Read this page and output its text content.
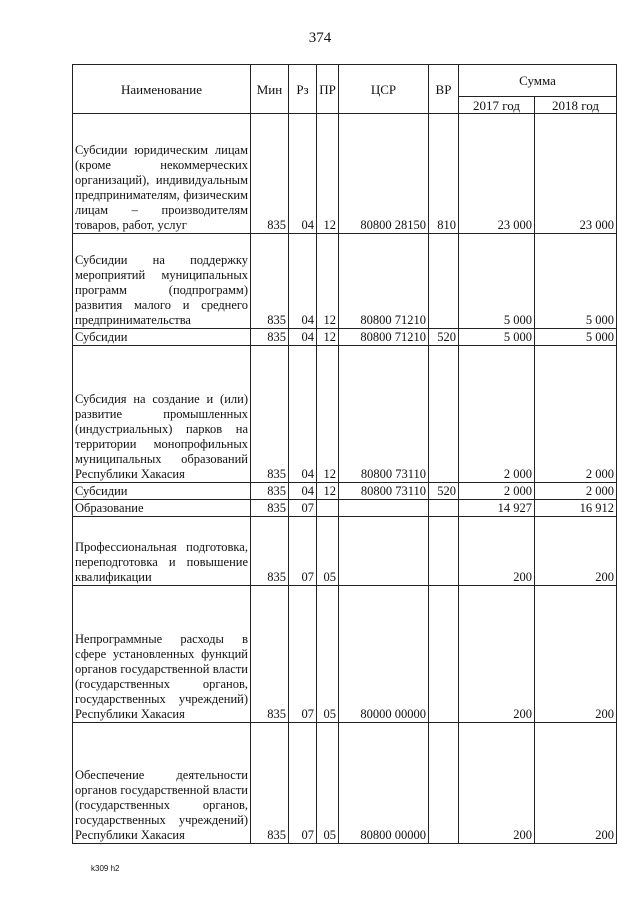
374
Наименование	Мин	Рз	ПР	ЦСР	ВР	Сумма	
						2017 год	2018 год
Субсидии юридическим лицам (кроме некоммерческих организаций), индивидуальным предпринимателям, физическим лицам – производителям товаров, работ, услуг	835	04	12	80800 28150	810	23 000	23 000
Субсидии на поддержку мероприятий муниципальных программ (подпрограмм) развития малого и среднего предпринимательства	835	04	12	80800 71210		5 000	5 000
Субсидии	835	04	12	80800 71210	520	5 000	5 000
Субсидия на создание и (или) развитие промышленных (индустриальных) парков на территории монопрофильных муниципальных образований Республики Хакасия	835	04	12	80800 73110		2 000	2 000
Субсидии	835	04	12	80800 73110	520	2 000	2 000
Образование	835	07				14 927	16 912
Профессиональная подготовка, переподготовка и повышение квалификации	835	07	05			200	200
Непрограммные расходы в сфере установленных функций органов государственной власти (государственных органов, государственных учреждений) Республики Хакасия	835	07	05	80000 00000		200	200
Обеспечение деятельности органов государственной власти (государственных органов, государственных учреждений) Республики Хакасия	835	07	05	80800 00000		200	200
k309 h2
